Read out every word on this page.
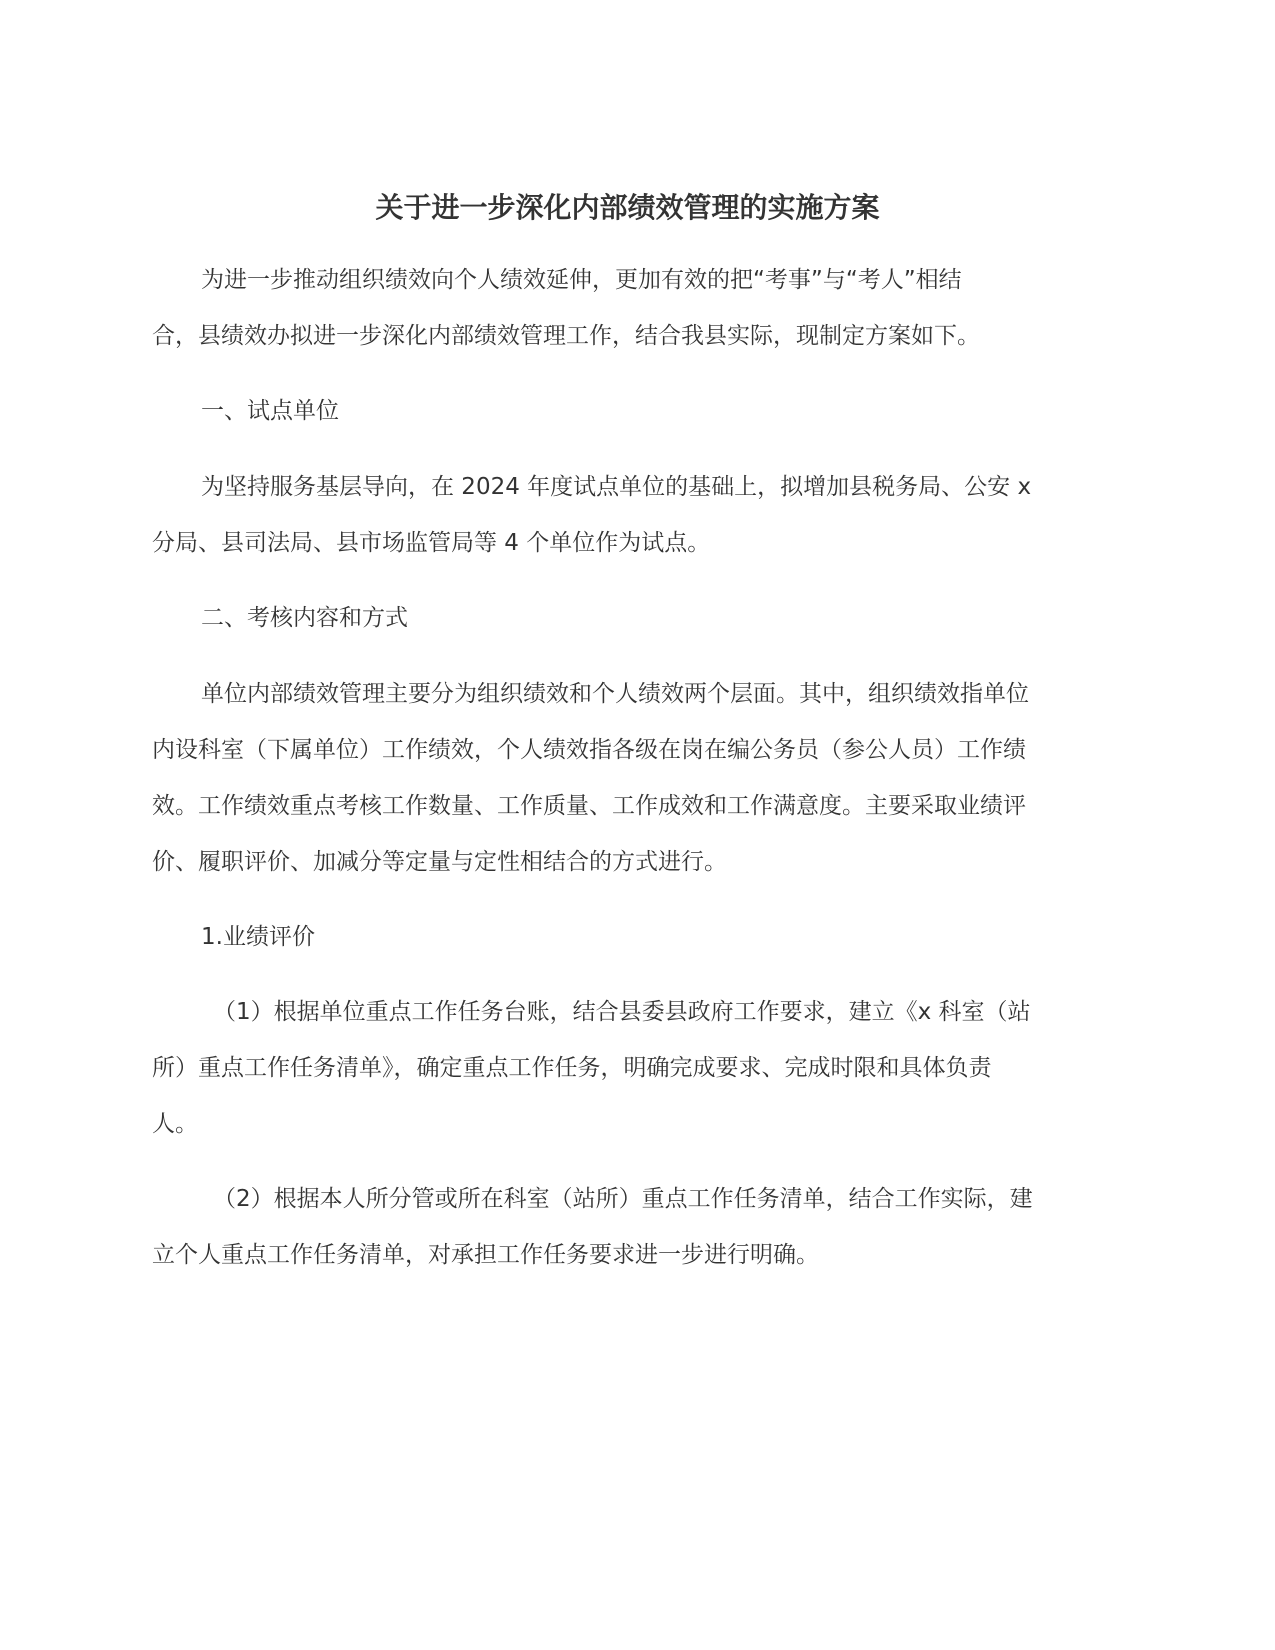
关于进一步深化内部绩效管理的实施方案
为进一步推动组织绩效向个人绩效延伸，更加有效的把“考事”与“考人”相结
合，县绩效办拟进一步深化内部绩效管理工作，结合我县实际，现制定方案如下。
一、试点单位
为坚持服务基层导向，在 2024 年度试点单位的基础上，拟增加县税务局、公安 x
分局、县司法局、县市场监管局等 4 个单位作为试点。
二、考核内容和方式
单位内部绩效管理主要分为组织绩效和个人绩效两个层面。其中，组织绩效指单位
内设科室（下属单位）工作绩效，个人绩效指各级在岗在编公务员（参公人员）工作绩
效。工作绩效重点考核工作数量、工作质量、工作成效和工作满意度。主要采取业绩评
价、履职评价、加减分等定量与定性相结合的方式进行。
1.业绩评价
（1）根据单位重点工作任务台账，结合县委县政府工作要求，建立《x 科室（站
所）重点工作任务清单》，确定重点工作任务，明确完成要求、完成时限和具体负责
人。
（2）根据本人所分管或所在科室（站所）重点工作任务清单，结合工作实际，建
立个人重点工作任务清单，对承担工作任务要求进一步进行明确。
